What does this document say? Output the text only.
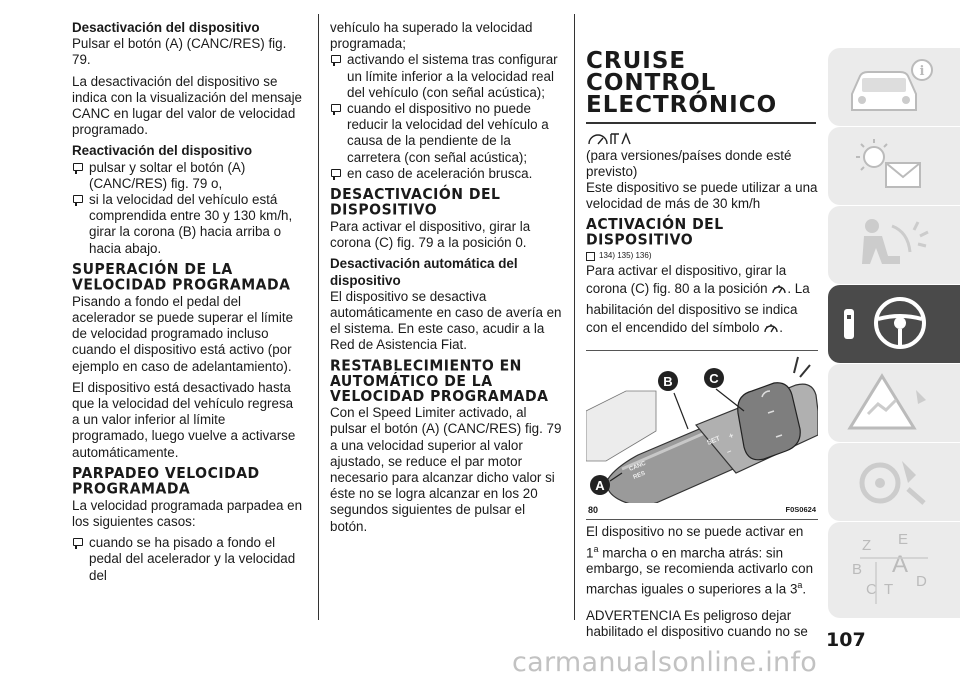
Desactivación del dispositivo

Pulsar el botón (A) (CANC/RES) fig. 79.

La desactivación del dispositivo se indica con la visualización del mensaje CANC en lugar del valor de velocidad programado.

Reactivación del dispositivo

pulsar y soltar el botón (A) (CANC/RES) fig. 79 o,

si la velocidad del vehículo está comprendida entre 30 y 130 km/h, girar la corona (B) hacia arriba o hacia abajo.

SUPERACIÓN DE LA VELOCIDAD PROGRAMADA

Pisando a fondo el pedal del acelerador se puede superar el límite de velocidad programado incluso cuando el dispositivo está activo (por ejemplo en caso de adelantamiento).

El dispositivo está desactivado hasta que la velocidad del vehículo regresa a un valor inferior al límite programado, luego vuelve a activarse automáticamente.

PARPADEO VELOCIDAD PROGRAMADA

La velocidad programada parpadea en los siguientes casos:

cuando se ha pisado a fondo el pedal del acelerador y la velocidad del

vehículo ha superado la velocidad programada;

activando el sistema tras configurar un límite inferior a la velocidad real del vehículo (con señal acústica);

cuando el dispositivo no puede reducir la velocidad del vehículo a causa de la pendiente de la carretera (con señal acústica);

en caso de aceleración brusca.

DESACTIVACIÓN DEL DISPOSITIVO

Para activar el dispositivo, girar la corona (C) fig. 79 a la posición 0.

Desactivación automática del dispositivo

El dispositivo se desactiva automáticamente en caso de avería en el sistema. En este caso, acudir a la Red de Asistencia Fiat.

RESTABLECIMIENTO EN AUTOMÁTICO DE LA VELOCIDAD PROGRAMADA

Con el Speed Limiter activado, al pulsar el botón (A) (CANC/RES) fig. 79 a una velocidad superior al valor ajustado, se reduce el par motor necesario para alcanzar dicho valor si éste no se logra alcanzar en los 20 segundos siguientes de pulsar el botón.

CRUISE CONTROL ELECTRÓNICO

(para versiones/países donde esté previsto)

Este dispositivo se puede utilizar a una velocidad de más de 30 km/h

ACTIVACIÓN DEL DISPOSITIVO
134) 135) 136)

Para activar el dispositivo, girar la corona (C) fig. 80 a la posición . La habilitación del dispositivo se indica con el encendido del símbolo .

SET +
−
CANC
RES
B	C
A
80	F0S0624

El dispositivo no se puede activar en 1$^a$ marcha o en marcha atrás: sin embargo, se recomienda activarlo con marchas iguales o superiores a la 3$^a$.

ADVERTENCIA Es peligroso dejar habilitado el dispositivo cuando no se 107
carmanualsonline.info
i
Z E
B A
C T D
